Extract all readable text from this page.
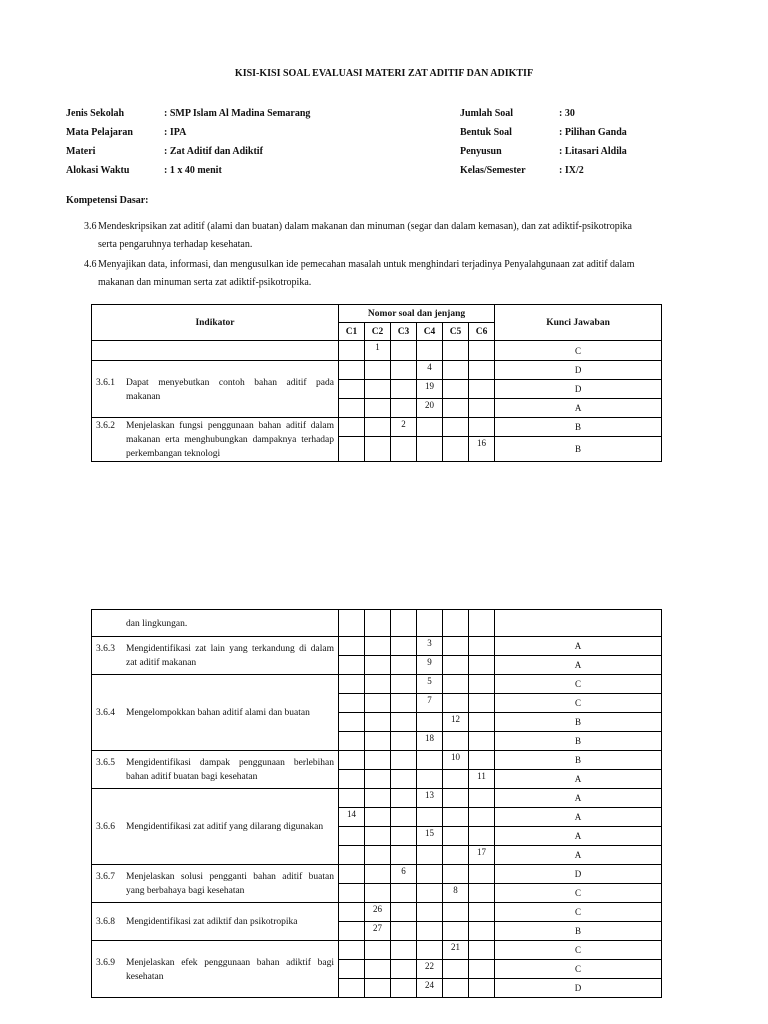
KISI-KISI SOAL EVALUASI MATERI ZAT ADITIF DAN ADIKTIF
Jenis Sekolah	: SMP Islam Al Madina Semarang
Mata Pelajaran	: IPA
Materi	: Zat Aditif dan Adiktif
Alokasi Waktu	: 1 x 40 menit
Jumlah Soal	: 30
Bentuk Soal	: Pilihan Ganda
Penyusun	: Litasari Aldila
Kelas/Semester	: IX/2
Kompetensi Dasar:
3.6 Mendeskripsikan zat aditif (alami dan buatan) dalam makanan dan minuman (segar dan dalam kemasan), dan zat adiktif-psikotropika
serta pengaruhnya terhadap kesehatan.
4.6 Menyajikan data, informasi, dan mengusulkan ide pemecahan masalah untuk menghindari terjadinya Penyalahgunaan zat aditif dalam
makanan dan minuman serta zat adiktif-psikotropika.
Indikator	Nomor soal dan jenjang						Kunci Jawaban
	C1	C2	C3	C4	C5	C6	

		1					C

3.6.1 Dapat menyebutkan contoh bahan aditif pada makanan				4			D
				19			D
				20			A

3.6.2 Menjelaskan fungsi penggunaan bahan aditif dalam makanan erta menghubungkan dampaknya terhadap perkembangan teknologi			2				B
						16	B
dan lingkungan.							

3.6.3 Mengidentifikasi zat lain yang terkandung di dalam zat aditif makanan				3			A
				9			A

3.6.4 Mengelompokkan bahan aditif alami dan buatan				5			C
				7			C
					12		B
				18			B

3.6.5 Mengidentifikasi dampak penggunaan berlebihan bahan aditif buatan bagi kesehatan					10		B
						11	A

3.6.6 Mengidentifikasi zat aditif yang dilarang digunakan				13			A
	14						A
				15			A
						17	A

3.6.7 Menjelaskan solusi pengganti bahan aditif buatan yang berbahaya bagi kesehatan			6				D
					8		C

3.6.8 Mengidentifikasi zat adiktif dan psikotropika		26					C
		27					B

3.6.9 Menjelaskan efek penggunaan bahan adiktif bagi kesehatan					21		C
				22			C
				24			D
